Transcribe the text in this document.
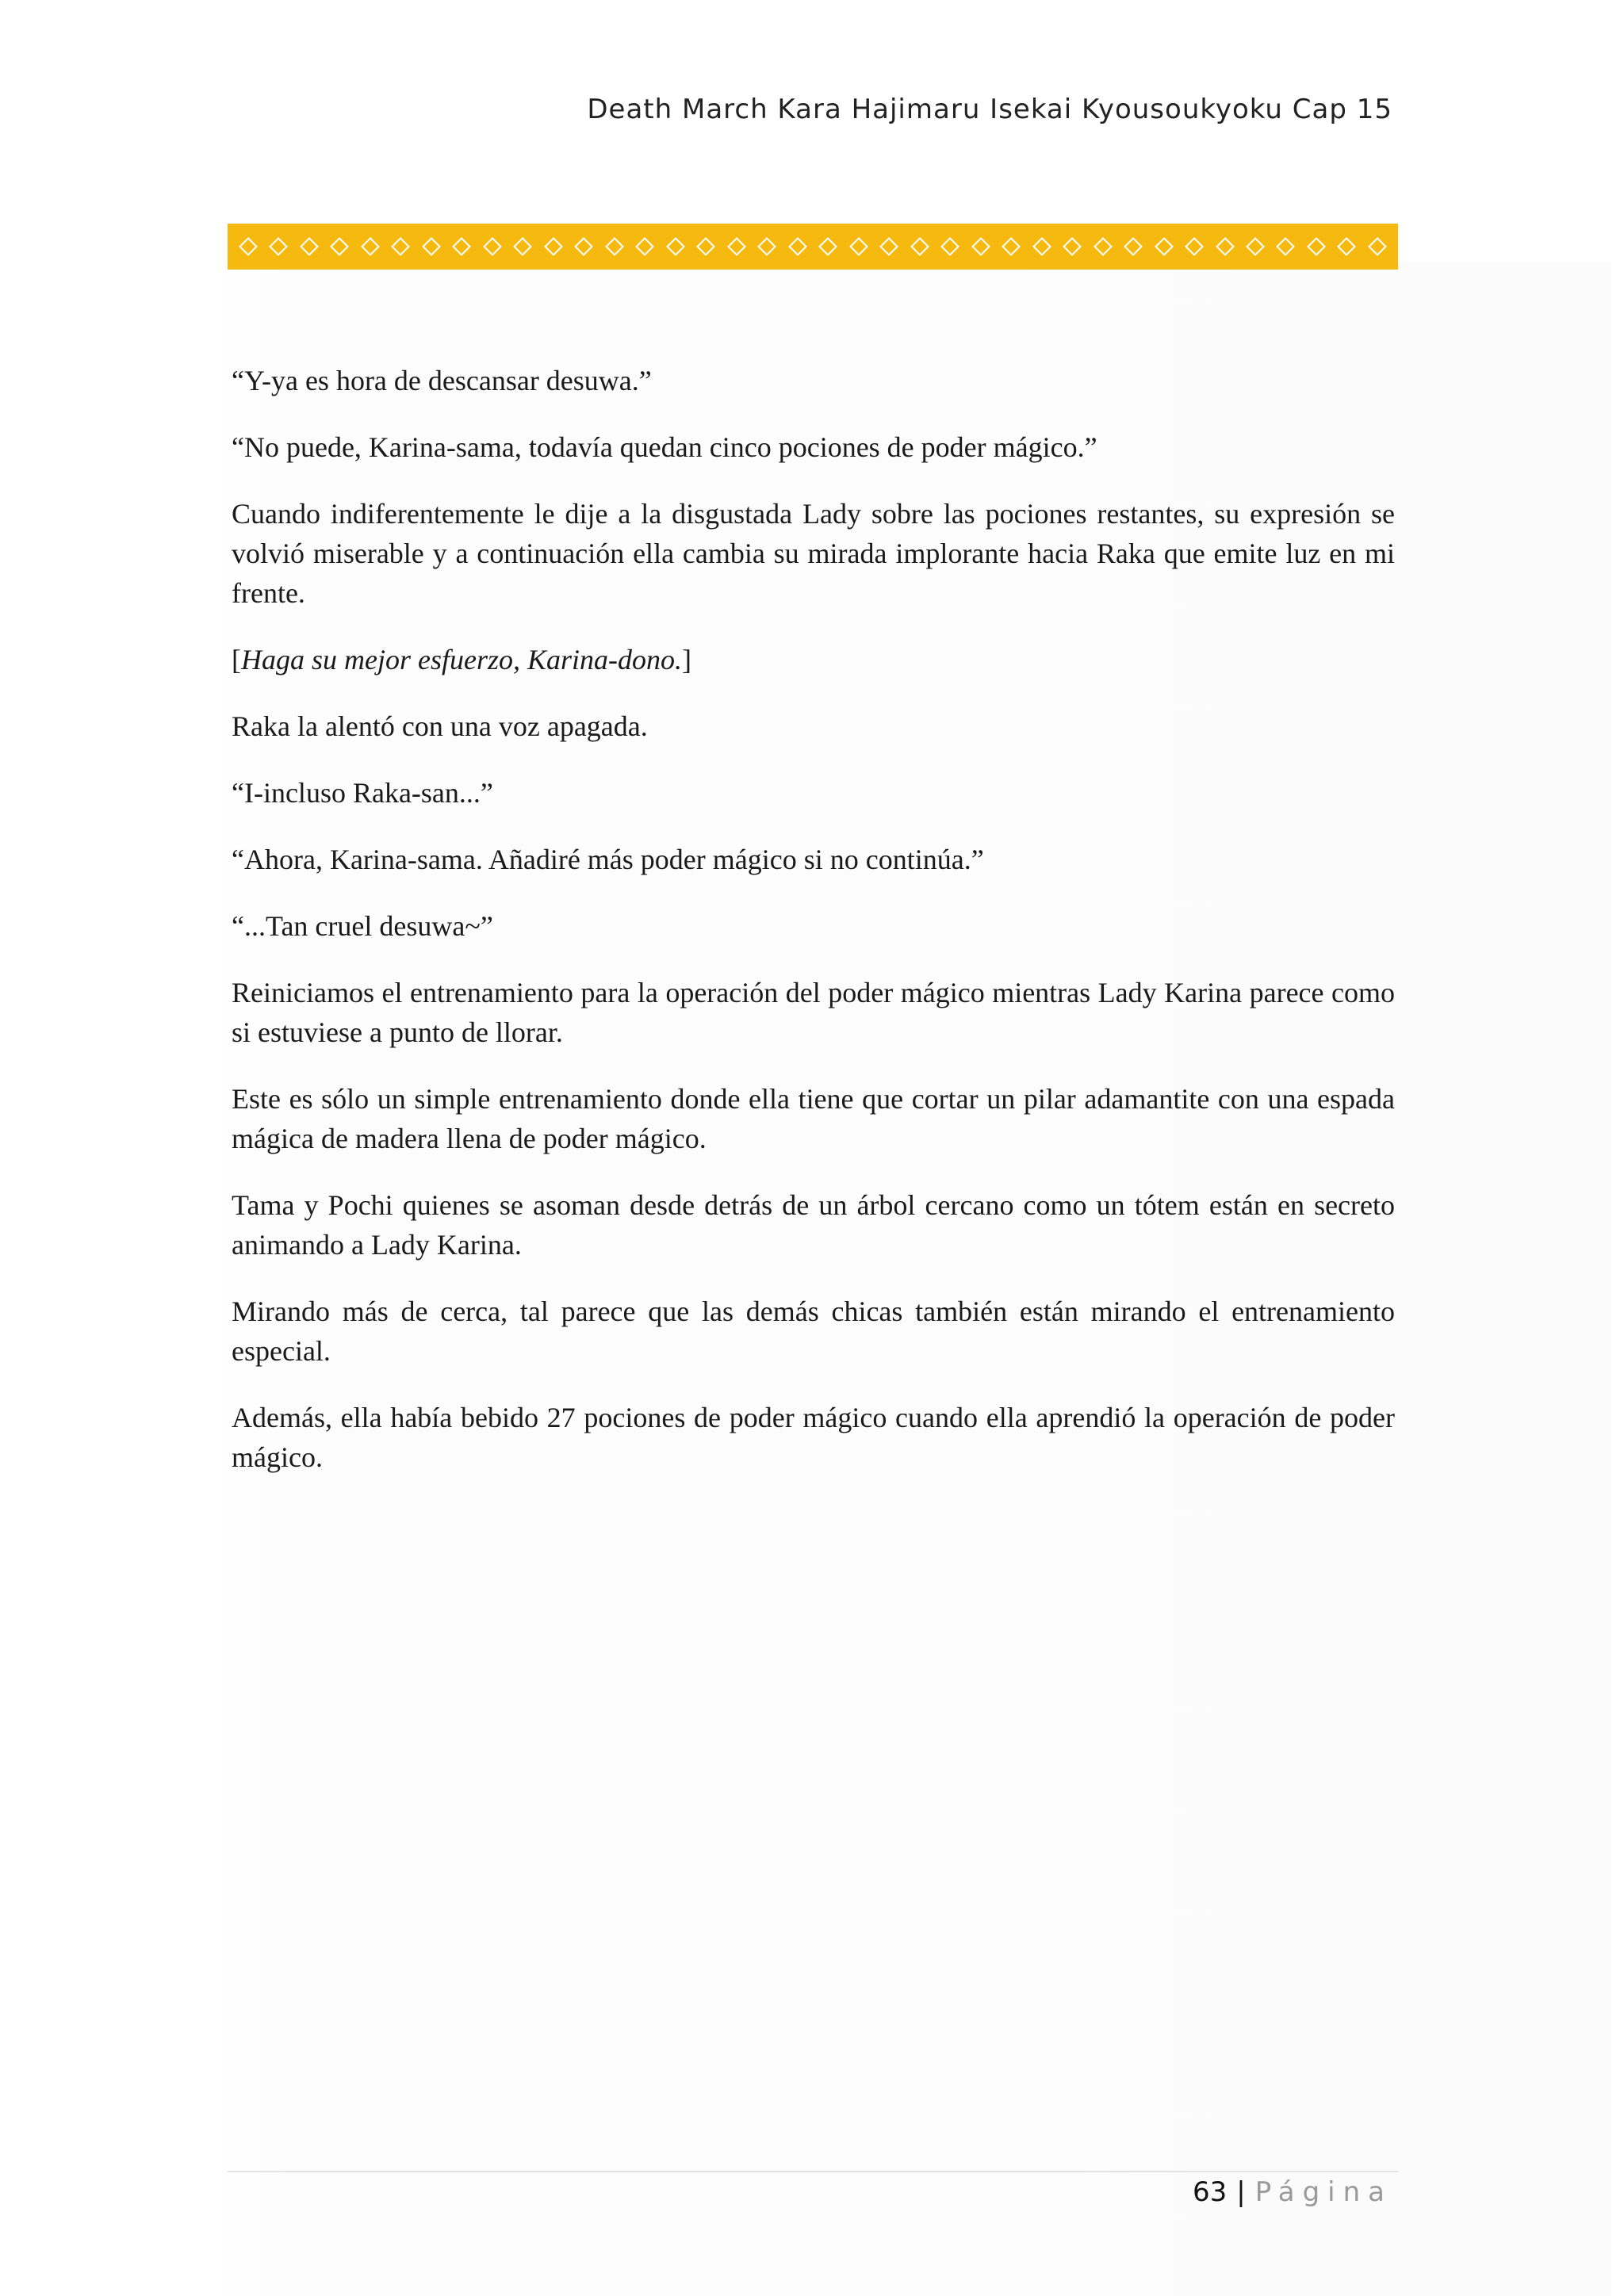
Death March Kara Hajimaru Isekai Kyousoukyoku Cap 15

“Y-ya es hora de descansar desuwa.”

“No puede, Karina-sama, todavía quedan cinco pociones de poder mágico.”

Cuando indiferentemente le dije a la disgustada Lady sobre las pociones restantes, su expresión se volvió miserable y a continuación ella cambia su mirada implorante hacia Raka que emite luz en mi frente.

[Haga su mejor esfuerzo, Karina-dono.]

Raka la alentó con una voz apagada.

“I-incluso Raka-san...”

“Ahora, Karina-sama. Añadiré más poder mágico si no continúa.”

“...Tan cruel desuwa~”

Reiniciamos el entrenamiento para la operación del poder mágico mientras Lady Karina parece como si estuviese a punto de llorar.

Este es sólo un simple entrenamiento donde ella tiene que cortar un pilar adamantite con una espada mágica de madera llena de poder mágico.

Tama y Pochi quienes se asoman desde detrás de un árbol cercano como un tótem están en secreto animando a Lady Karina.

Mirando más de cerca, tal parece que las demás chicas también están mirando el entrenamiento especial.

Además, ella había bebido 27 pociones de poder mágico cuando ella aprendió la operación de poder mágico.

63 | Página
